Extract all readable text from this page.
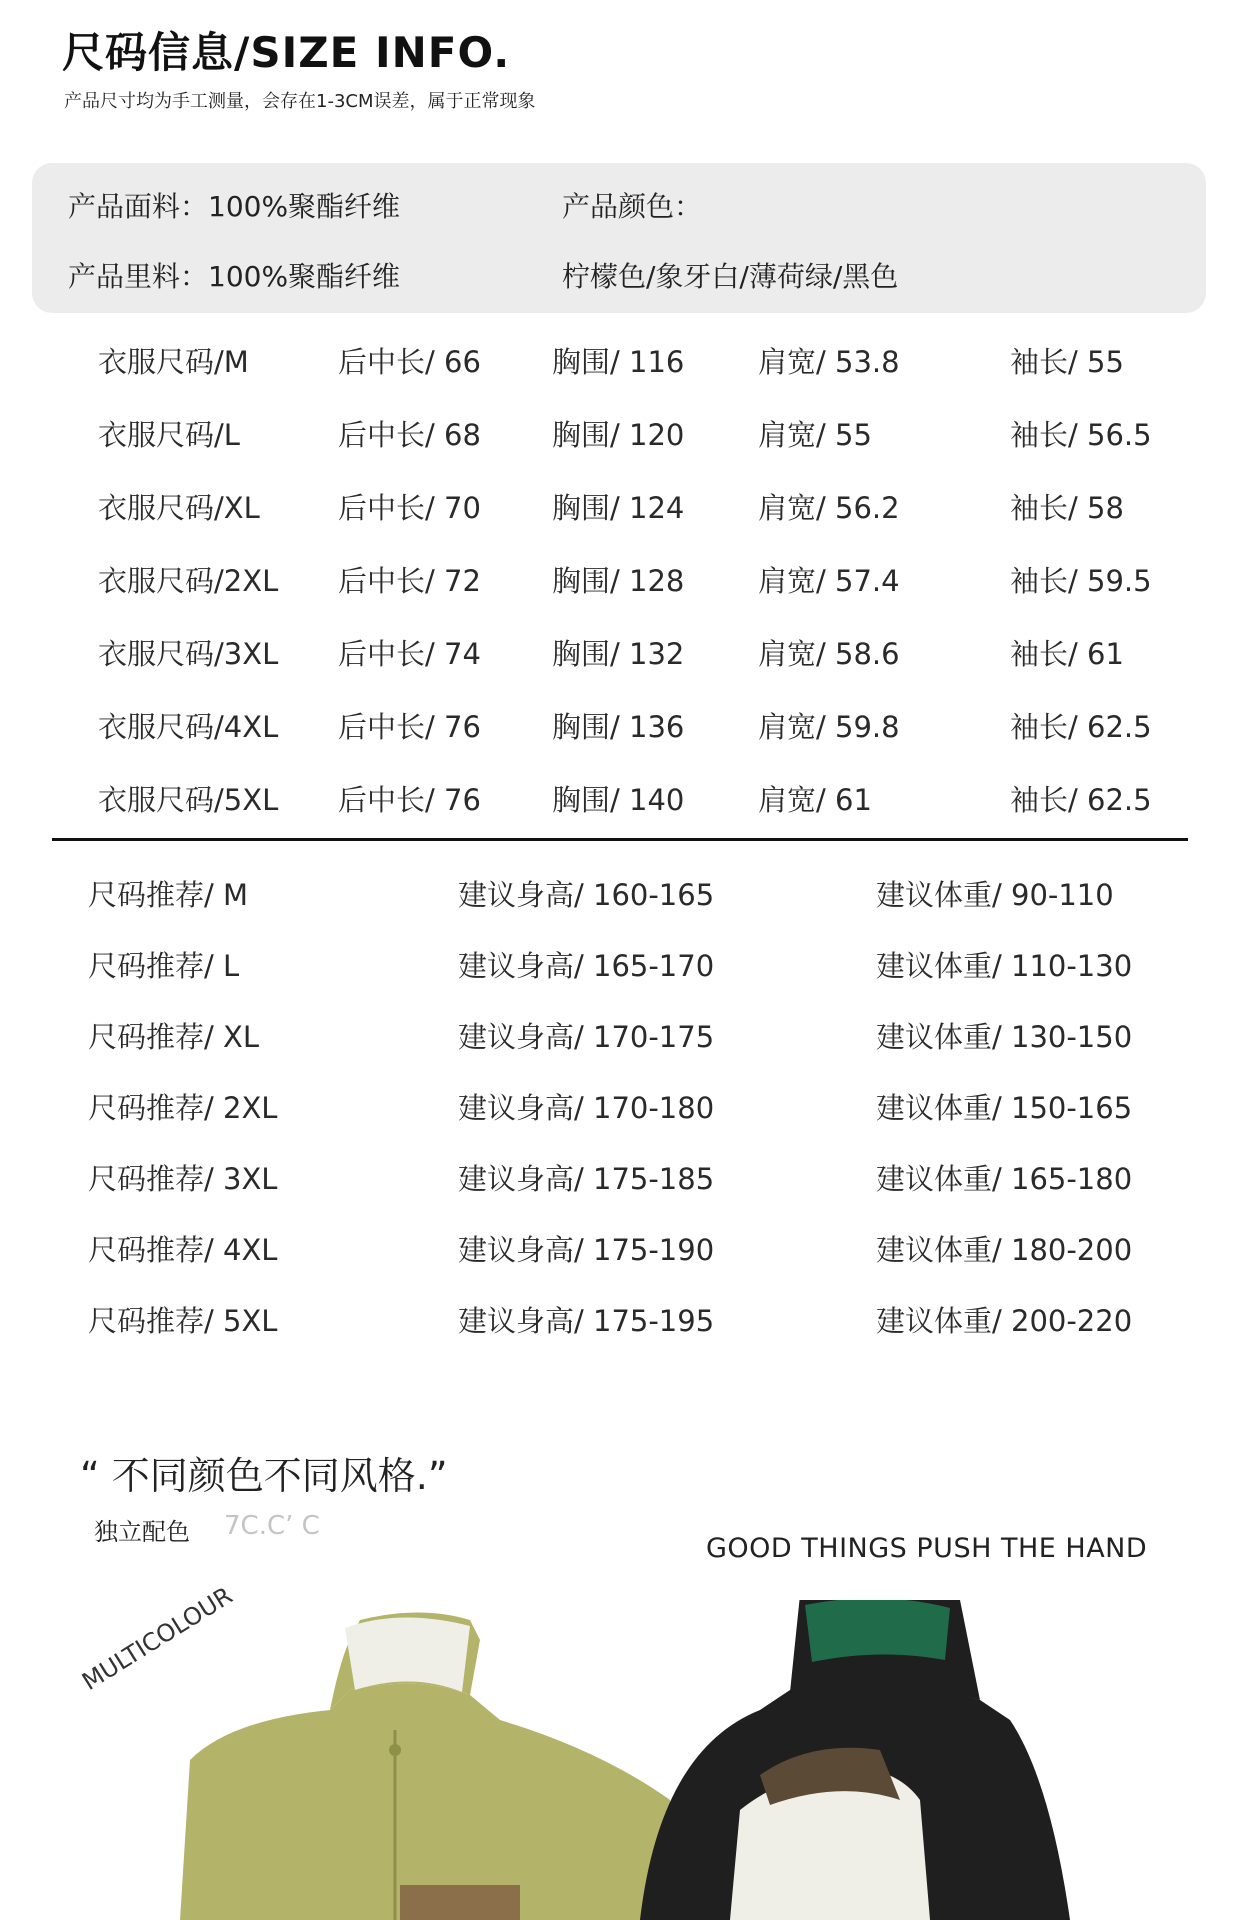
尺码信息/SIZE INFO.
产品尺寸均为手工测量，会存在1-3CM误差，属于正常现象
产品面料：100%聚酯纤维
产品里料：100%聚酯纤维
产品颜色：
柠檬色/象牙白/薄荷绿/黑色
衣服尺码/M	后中长/ 66 胸围/ 116	肩宽/ 53.8	袖长/ 55
衣服尺码/L	后中长/ 68 胸围/ 120	肩宽/ 55	袖长/ 56.5
衣服尺码/XL	后中长/ 70 胸围/ 124	肩宽/ 56.2	袖长/ 58
衣服尺码/2XL 后中长/ 72 胸围/ 128	肩宽/ 57.4	袖长/ 59.5
衣服尺码/3XL 后中长/ 74 胸围/ 132	肩宽/ 58.6	袖长/ 61
衣服尺码/4XL 后中长/ 76 胸围/ 136	肩宽/ 59.8	袖长/ 62.5
衣服尺码/5XL 后中长/ 76 胸围/ 140	肩宽/ 61	袖长/ 62.5
尺码推荐/ M	建议身高/ 160-165	建议体重/ 90-110
尺码推荐/ L	建议身高/ 165-170	建议体重/ 110-130
尺码推荐/ XL	建议身高/ 170-175	建议体重/ 130-150
尺码推荐/ 2XL	建议身高/ 170-180	建议体重/ 150-165
尺码推荐/ 3XL	建议身高/ 175-185	建议体重/ 165-180
尺码推荐/ 4XL	建议身高/ 175-190	建议体重/ 180-200
尺码推荐/ 5XL	建议身高/ 175-195	建议体重/ 200-220
“ 不同颜色不同风格.”
独立配色 7C.C’ C
GOOD THINGS PUSH THE HAND
MULTICOLOUR
